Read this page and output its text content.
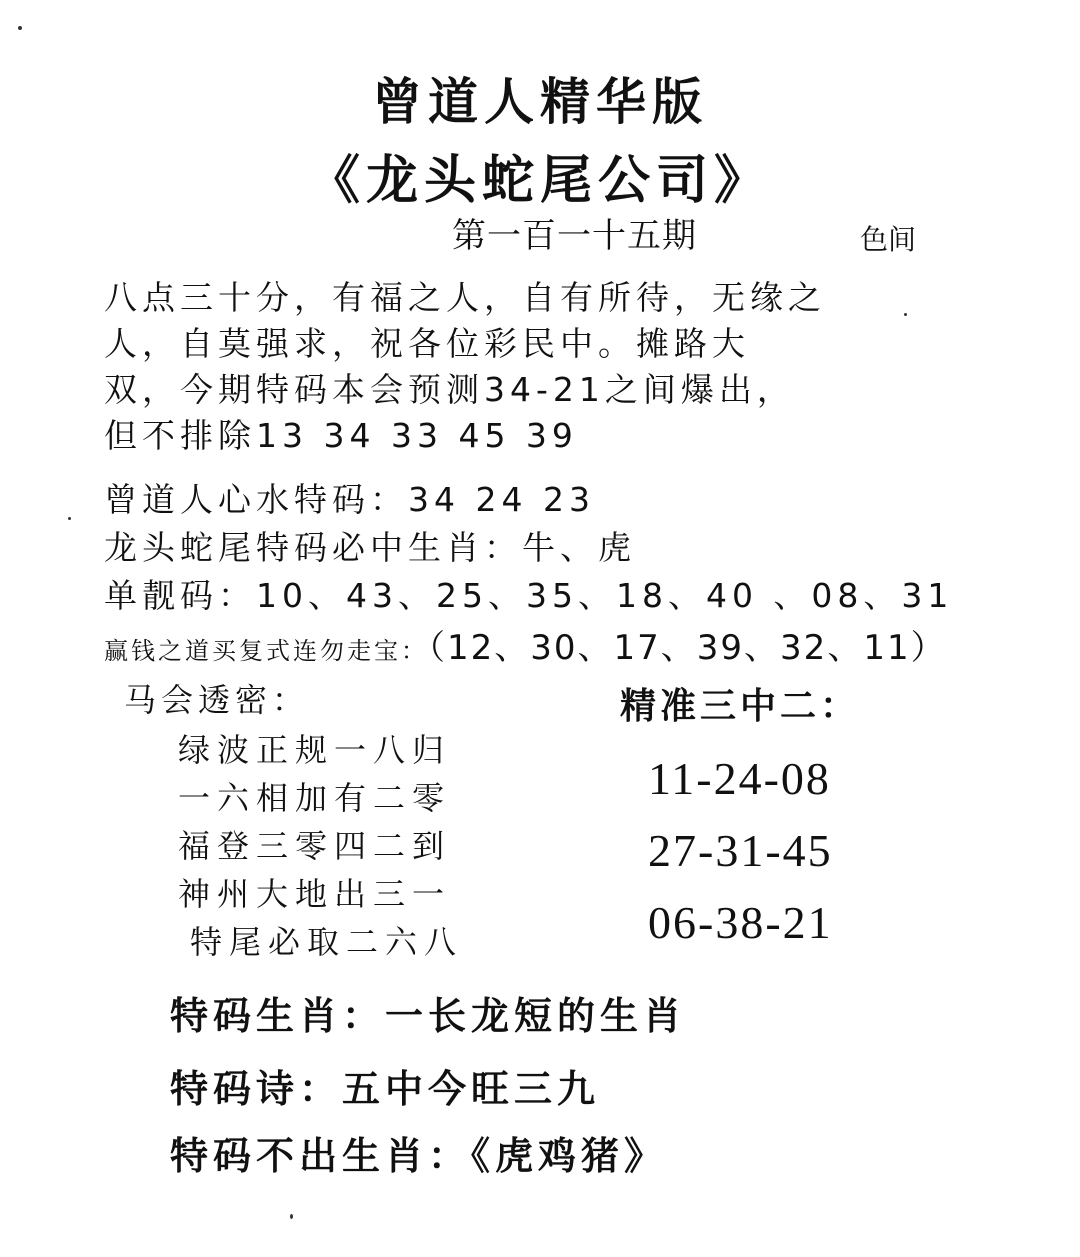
曾道人精华版
《龙头蛇尾公司》
第一百一十五期	色间
八点三十分，有福之人，自有所待，无缘之
人，自莫强求，祝各位彩民中。摊路大
双，今期特码本会预测34-21之间爆出，
但不排除13 34 33 45 39
曾道人心水特码：34 24 23
龙头蛇尾特码必中生肖：牛、虎
单靓码：10、43、25、35、18、40 、08、31
赢钱之道买复式连勿走宝：（12、30、17、39、32、11）
马会透密：	精准三中二：
绿波正规一八归
一六相加有二零
福登三零四二到
神州大地出三一
特尾必取二六八
11-24-08
27-31-45
06-38-21
特码生肖：一长龙短的生肖
特码诗：五中今旺三九
特码不出生肖：《虎鸡猪》
